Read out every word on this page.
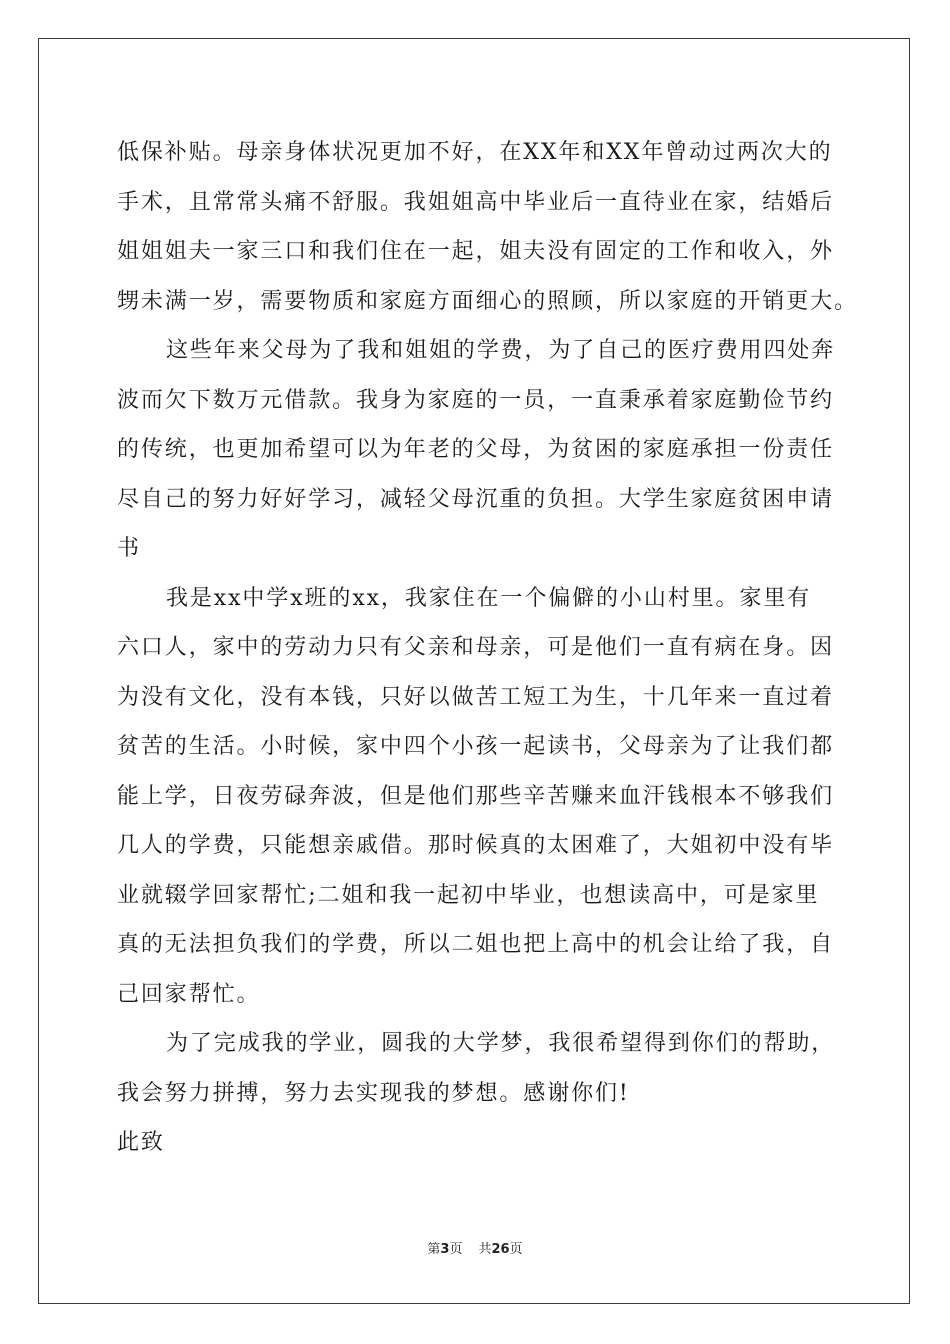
低保补贴。母亲身体状况更加不好，在XX年和XX年曾动过两次大的
手术，且常常头痛不舒服。我姐姐高中毕业后一直待业在家，结婚后
姐姐姐夫一家三口和我们住在一起，姐夫没有固定的工作和收入，外
甥未满一岁，需要物质和家庭方面细心的照顾，所以家庭的开销更大。
这些年来父母为了我和姐姐的学费，为了自己的医疗费用四处奔
波而欠下数万元借款。我身为家庭的一员，一直秉承着家庭勤俭节约
的传统，也更加希望可以为年老的父母，为贫困的家庭承担一份责任
尽自己的努力好好学习，减轻父母沉重的负担。大学生家庭贫困申请
书
我是xx中学x班的xx，我家住在一个偏僻的小山村里。家里有
六口人，家中的劳动力只有父亲和母亲，可是他们一直有病在身。因
为没有文化，没有本钱，只好以做苦工短工为生，十几年来一直过着
贫苦的生活。小时候，家中四个小孩一起读书，父母亲为了让我们都
能上学，日夜劳碌奔波，但是他们那些辛苦赚来血汗钱根本不够我们
几人的学费，只能想亲戚借。那时候真的太困难了，大姐初中没有毕
业就辍学回家帮忙;二姐和我一起初中毕业，也想读高中，可是家里
真的无法担负我们的学费，所以二姐也把上高中的机会让给了我，自
己回家帮忙。
为了完成我的学业，圆我的大学梦，我很希望得到你们的帮助，
我会努力拼搏，努力去实现我的梦想。感谢你们!
此致
第3页 共26页
